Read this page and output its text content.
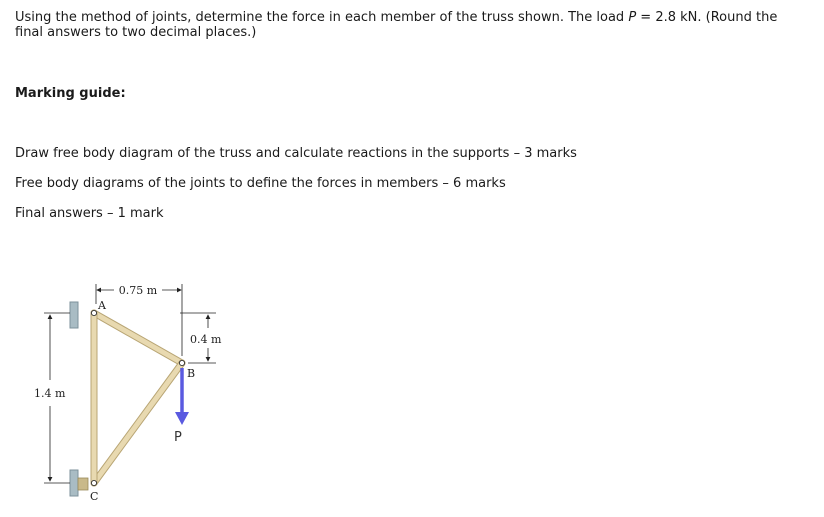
Using the method of joints, determine the force in each member of the truss shown. The load P = 2.8 kN. (Round the final answers to two decimal places.)

Marking guide:

Draw free body diagram of the truss and calculate reactions in the supports – 3 marks

Free body diagrams of the joints to define the forces in members – 6 marks

Final answers – 1 mark

0.75 m
0.4 m
1.4 m
A
B
C
P
